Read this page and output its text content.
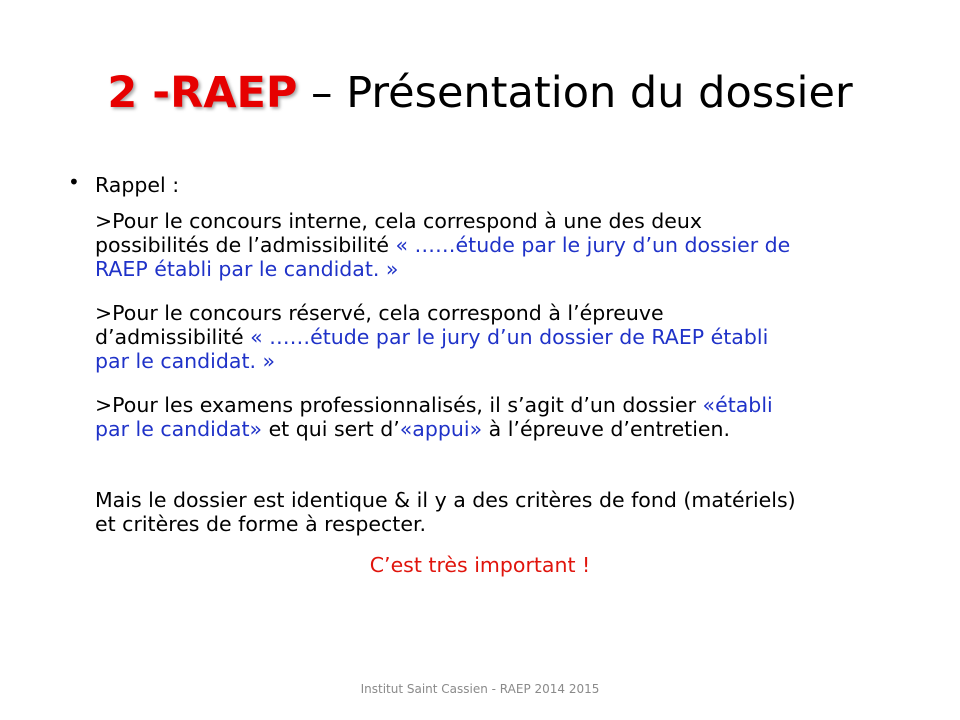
2 -RAEP – Présentation du dossier
• Rappel :
>Pour le concours interne, cela correspond à une des deux
possibilités de l’admissibilité « ……étude par le jury d’un dossier de
RAEP établi par le candidat. »
>Pour le concours réservé, cela correspond à l’épreuve
d’admissibilité « ……étude par le jury d’un dossier de RAEP établi
par le candidat. »
>Pour les examens professionnalisés, il s’agit d’un dossier «établi
par le candidat» et qui sert d’«appui» à l’épreuve d’entretien.
Mais le dossier est identique & il y a des critères de fond (matériels)
et critères de forme à respecter.
C’est très important !
Institut Saint Cassien - RAEP 2014 2015
